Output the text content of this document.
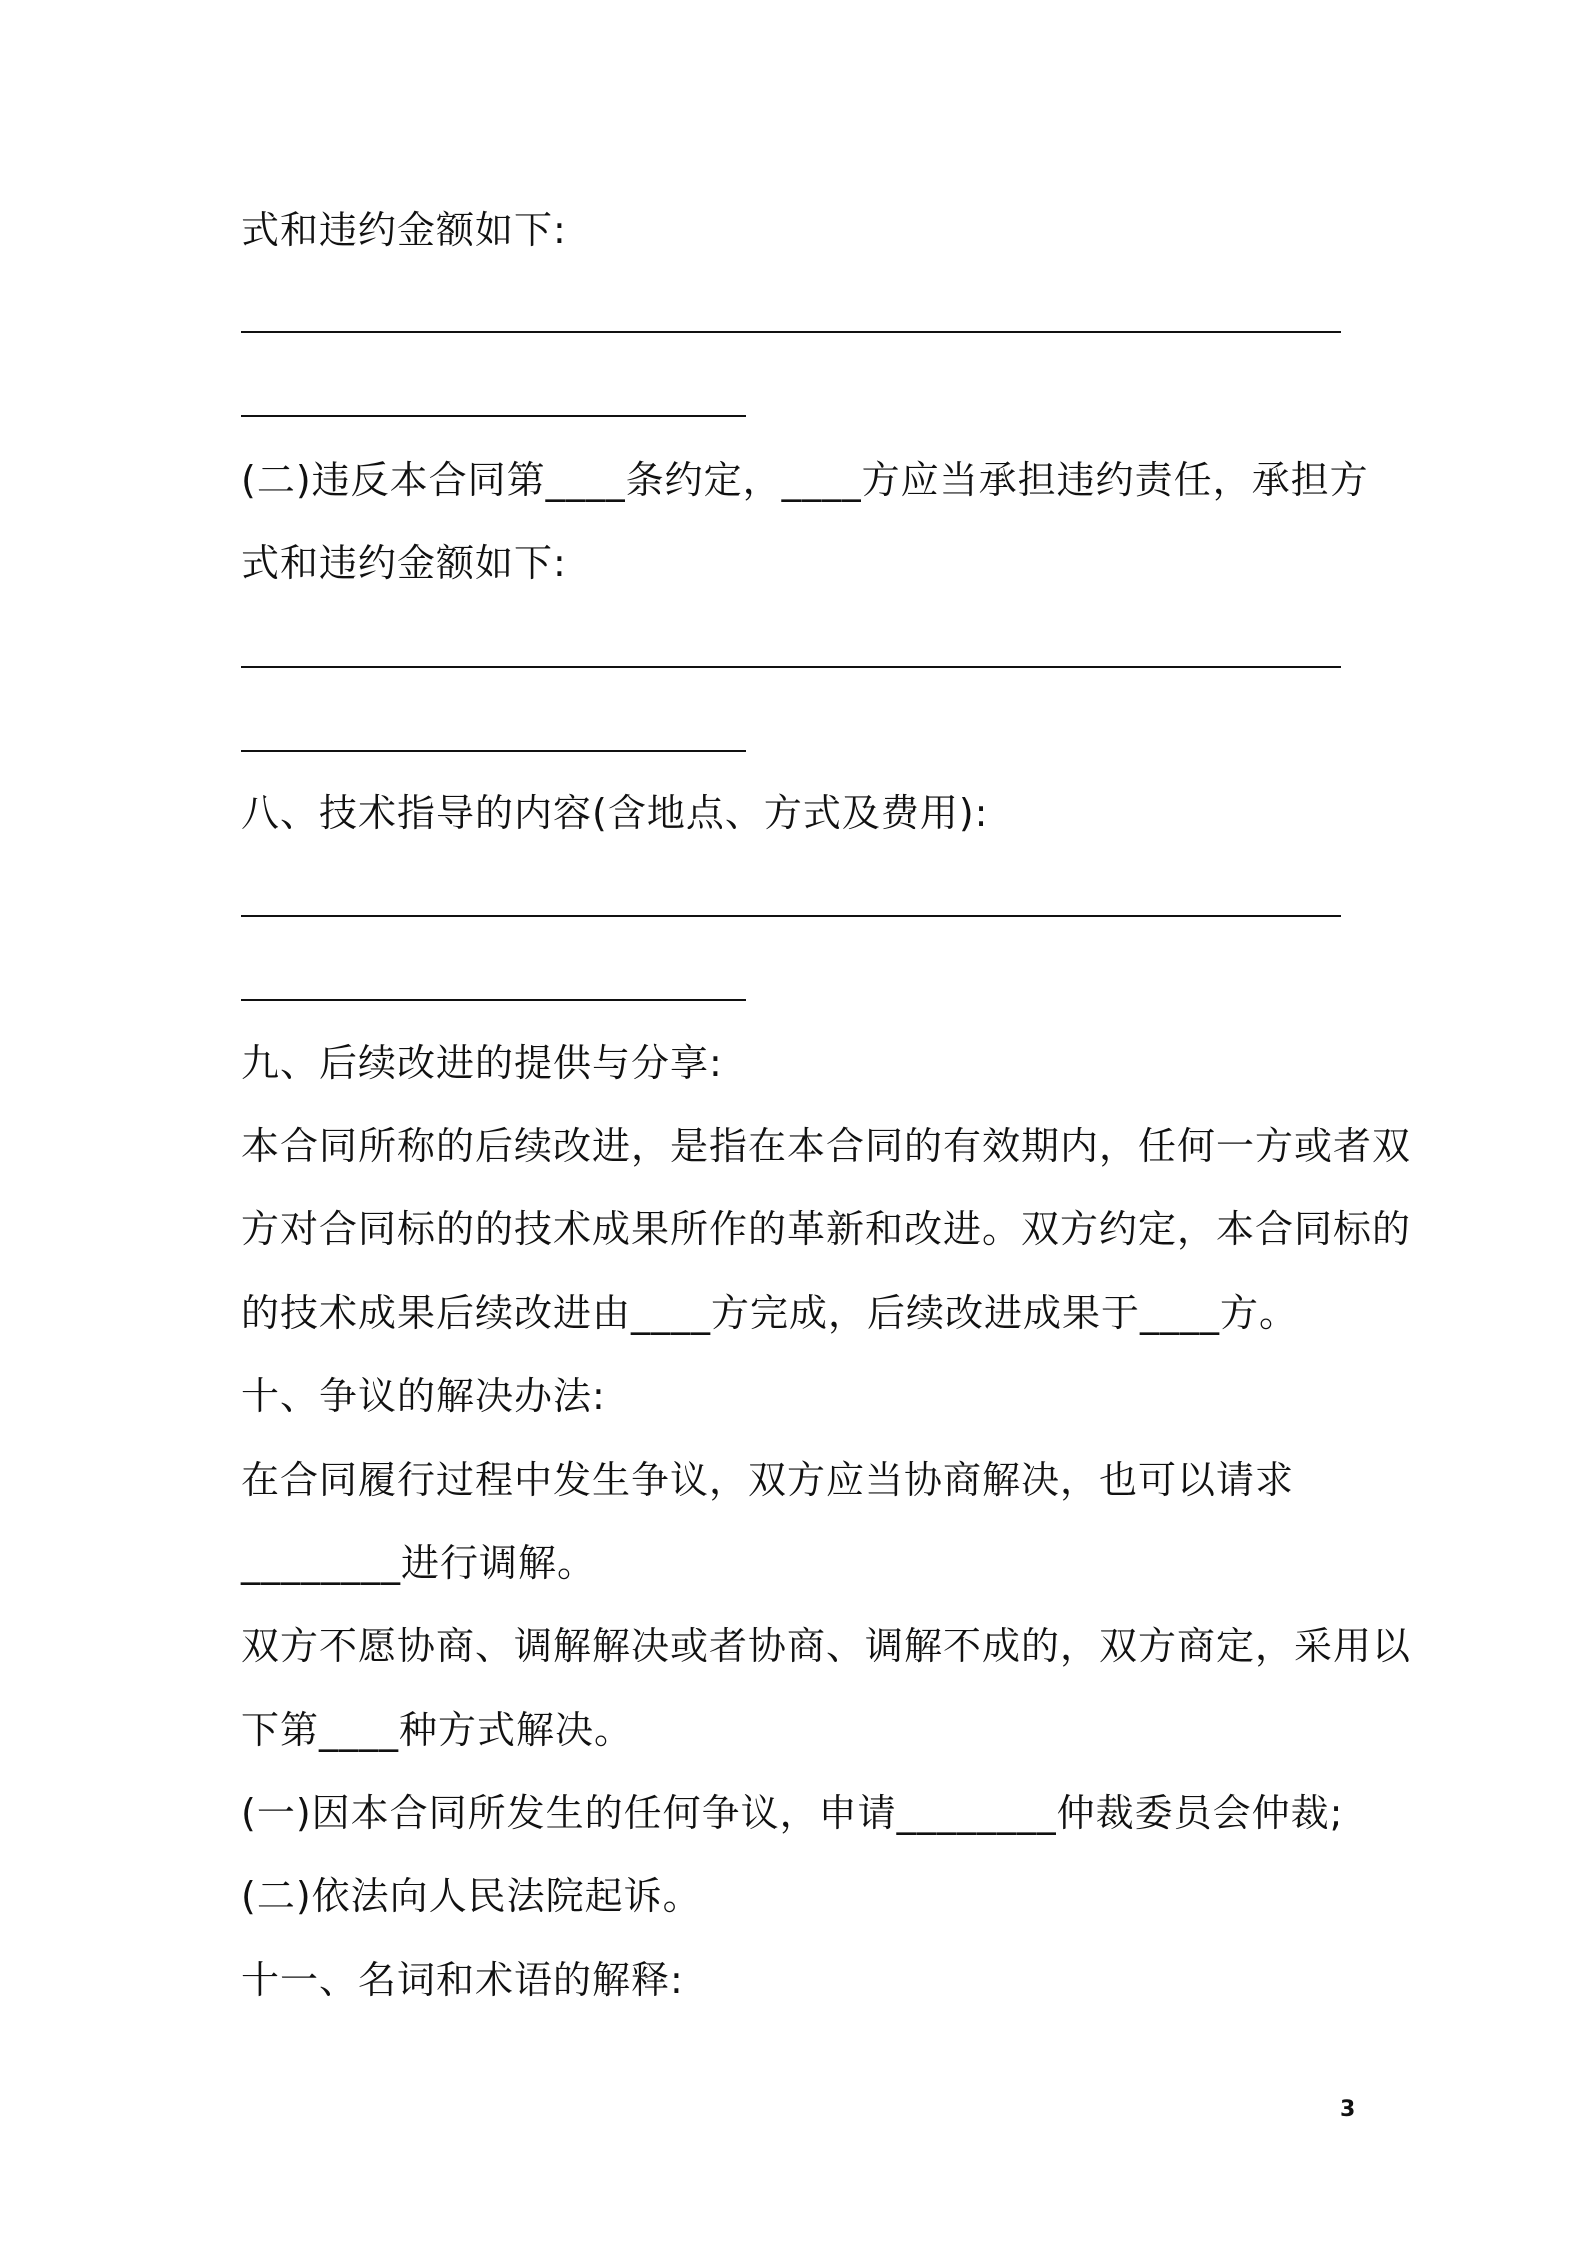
式和违约金额如下:
(二)违反本合同第____条约定，____方应当承担违约责任，承担方
式和违约金额如下:
八、技术指导的内容(含地点、方式及费用):
九、后续改进的提供与分享:
本合同所称的后续改进，是指在本合同的有效期内，任何一方或者双
方对合同标的的技术成果所作的革新和改进。双方约定，本合同标的
的技术成果后续改进由____方完成，后续改进成果于____方。
十、争议的解决办法:
在合同履行过程中发生争议，双方应当协商解决，也可以请求
________进行调解。
双方不愿协商、调解解决或者协商、调解不成的，双方商定，采用以
下第____种方式解决。
(一)因本合同所发生的任何争议，申请________仲裁委员会仲裁;
(二)依法向人民法院起诉。
十一、名词和术语的解释:
3
